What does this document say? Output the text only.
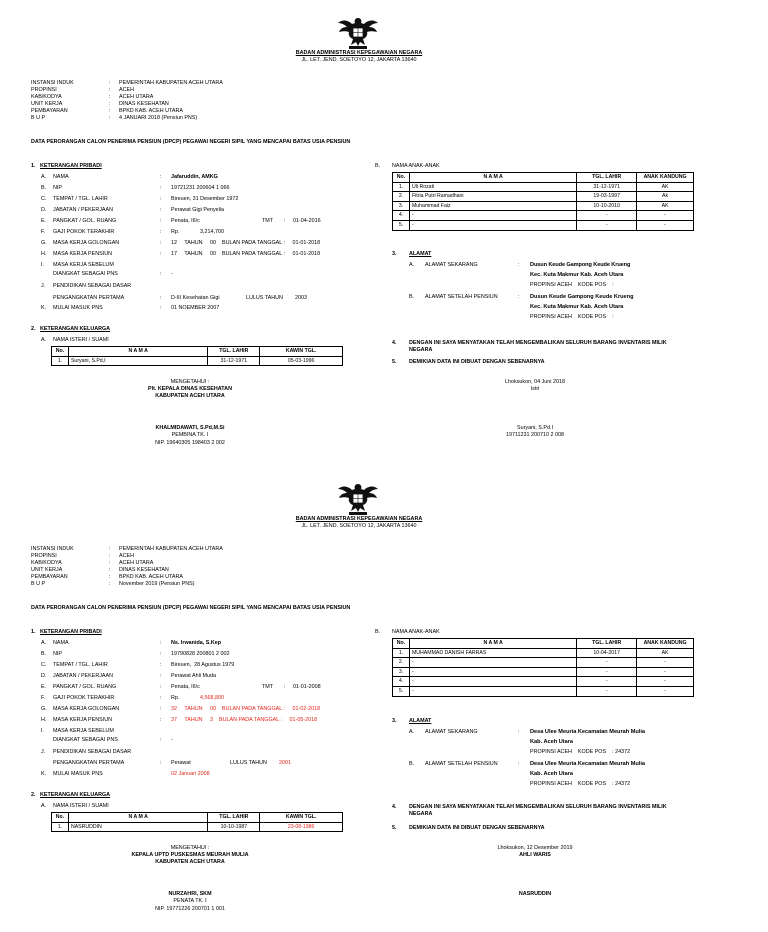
BADAN ADMINISTRASI KEPEGAWAIAN NEGARA
JL. LET. JEND. SOETOYO 12, JAKARTA 13640
INSTANSI INDUK	: PEMERINTAH KABUPATEN ACEH UTARA
PROPINSI	: ACEH
KAB/KODYA	: ACEH UTARA
UNIT KERJA	: DINAS KESEHATAN
PEMBAYARAN	: BPKD KAB. ACEH UTARA
B U P	: 4 JANUARI 2018 (Pensiun PNS)
DATA PERORANGAN CALON PENERIMA PENSIUN (DPCP) PEGAWAI NEGERI SIPIL YANG MENCAPAI BATAS USIA PENSIUN
1. KETERANGAN PRIBADI
A. NAMA	: Jafaruddin, AMKG
B. NIP	: 19721231 200604 1 066
C. TEMPAT / TGL. LAHIR	: Bireuen, 31 Desember 1972
D. JABATAN / PEKERJAAN	: Perawat Gigi Penyelia
E. PANGKAT / GOL. RUANG	: Penata, III/c	TMT : 01-04-2016
F. GAJI POKOK TERAKHIR	: Rp.	3,214,700
G. MASA KERJA GOLONGAN	: 12     TAHUN     00    BULAN PADA TANGGAL :     01-01-2018
H. MASA KERJA PENSIUN	: 17     TAHUN     00    BULAN PADA TANGGAL :     01-01-2018
I. MASA KERJA SEBELUM
DIANGKAT SEBAGAI PNS	: -
J. PENDIDIKAN SEBAGAI DASAR
PENGANGKATAN PERTAMA	: D-III Kesehatan Gigi	LULUS TAHUN 2003
K. MULAI MASUK PNS	: 01 NOEMBER 2007
2. KETERANGAN KELUARGA
A. NAMA ISTERI / SUAMI
No.	N A M A	TGL. LAHIR	KAWIN TGL.
1.	Suryani, S.Pd,I	31-12-1971	05-03-1996
B. NAMA ANAK-ANAK
No.	N A M A	TGL. LAHIR	ANAK KANDUNG
1.	Uli Rozati	31-12-1971	AK
2.	Fitria Putri Ramadhani	19-03-1997	Ak
3.	Muhammad Faiz	10-10-2010	AK
4.	-	-	-
5.	-	-	-
3. ALAMAT
A. ALAMAT SEKARANG	: Dusun Keude Gampong Keude Krueng
Kec. Kuta Makmur Kab. Aceh Utara
PROPINSI ACEH    KODE POS    :
B. ALAMAT SETELAH PENSIUN	: Dusun Keude Gampong Keude Krueng
Kec. Kuta Makmur Kab. Aceh Utara
PROPINSI ACEH    KODE POS    :
4. DENGAN INI SAYA MENYATAKAN TELAH MENGEMBALIKAN SELURUH BARANG INVENTARIS MILIK
NEGARA
5. DEMIKIAN DATA INI DIBUAT DENGAN SEBENARNYA
MENGETAHUI :
Plt. KEPALA DINAS KESEHATAN
KABUPATEN ACEH UTARA
KHALMIDAWATI, S.Pd,M.Si
PEMBINA TK. I
NIP. 19640305 198403 2 002
Lhoksukon, 04 Juni 2018
Istri
Suryani, S.Pd.I
19711231 200710 2 008
BADAN ADMINISTRASI KEPEGAWAIAN NEGARA
JL. LET. JEND. SOETOYO 12, JAKARTA 13640
INSTANSI INDUK	: PEMERINTAH KABUPATEN ACEH UTARA
PROPINSI	: ACEH
KAB/KODYA	: ACEH UTARA
UNIT KERJA	: DINAS KESEHATAN
PEMBAYARAN	: BPKD KAB. ACEH UTARA
B U P	: November 2019 (Pensiun PNS)
DATA PERORANGAN CALON PENERIMA PENSIUN (DPCP) PEGAWAI NEGERI SIPIL YANG MENCAPAI BATAS USIA PENSIUN
1. KETERANGAN PRIBADI
A. NAMA	: Ns. Irwanida, S.Kep
B. NIP	: 19790828 200801 2 002
C. TEMPAT / TGL. LAHIR	: Bireuen,  28 Agustus 1979
D. JABATAN / PEKERJAAN	: Perawat Ahli Muda
E. PANGKAT / GOL. RUANG	: Penata, III/c	TMT : 01-01-2008
F. GAJI POKOK TERAKHIR	: Rp.	4,568,800
G. MASA KERJA GOLONGAN	: 32     TAHUN     00    BULAN PADA TANGGAL :     01-02-2018
H. MASA KERJA PENSIUN	: 37     TAHUN     3    BULAN PADA TANGGAL :     01-05-2018
I. MASA KERJA SEBELUM
DIANGKAT SEBAGAI PNS	: -
J. PENDIDIKAN SEBAGAI DASAR
PENGANGKATAN PERTAMA	: Perawat	LULUS TAHUN 2001
K. MULAI MASUK PNS	02 Januari 2008
2. KETERANGAN KELUARGA
A. NAMA ISTERI / SUAMI
No.	N A M A	TGL. LAHIR	KAWIN TGL.
1.	NASRUDDIN	10-10-1987	23-08-1986
B. NAMA ANAK-ANAK
No.	N A M A	TGL. LAHIR	ANAK KANDUNG
1.	MUHAMMAD DANISH FARRAS	10-04-2017	AK
2.	-	-	-
3.	-	-	-
4.	-	-	-
5.	-	-	-
3. ALAMAT
A. ALAMAT SEKARANG	: Desa Ulee Meuria Kecamatan Meurah Mulia
Kab. Aceh Utara
PROPINSI ACEH    KODE POS    : 24372
B. ALAMAT SETELAH PENSIUN	: Desa Ulee Meuria Kecamatan Meurah Mulia
Kab. Aceh Utara
PROPINSI ACEH    KODE POS    : 24372
4. DENGAN INI SAYA MENYATAKAN TELAH MENGEMBALIKAN SELURUH BARANG INVENTARIS MILIK
NEGARA
5. DEMIKIAN DATA INI DIBUAT DENGAN SEBENARNYA
MENGETAHUI :
KEPALA UPTD PUSKESMAS MEURAH MULIA
KABUPATEN ACEH UTARA
NURZAHRI, SKM
PENATA TK. I
NIP. 19771226 200701 1 001
Lhoksukon, 12 Desember 2019
AHLI WARIS
NASRUDDIN
